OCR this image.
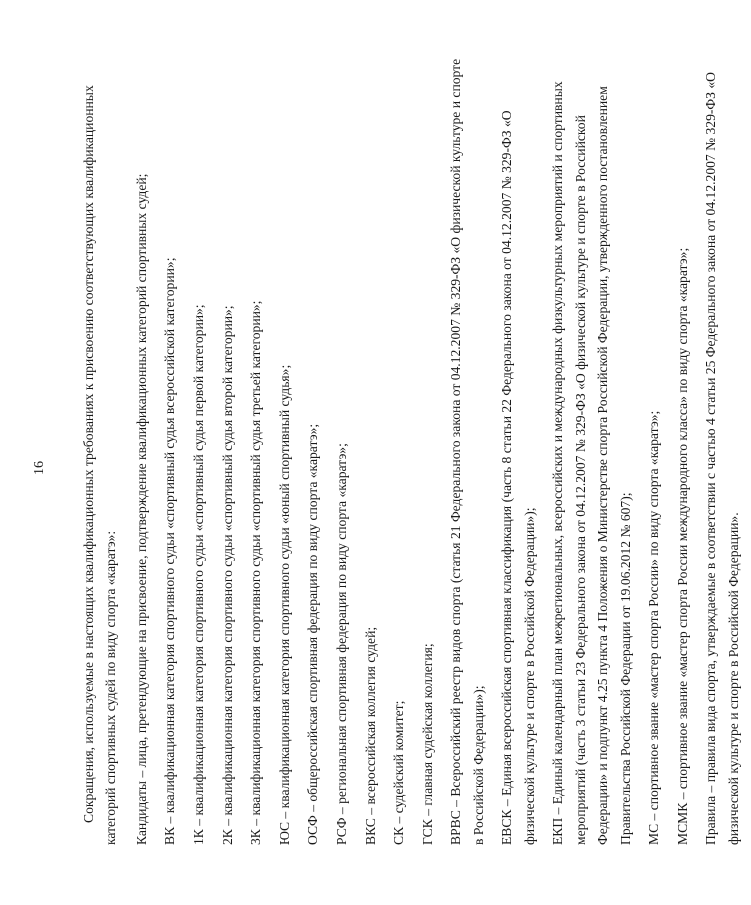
16	Сокращения, используемые в настоящих квалификационных требованиях к присвоению соответствующих квалификационных категорий спортивных судей по виду спорта «каратэ»:	Кандидаты – лица, претендующие на присвоение, подтверждение квалификационных категорий спортивных судей; ВК – квалификационная категория спортивного судьи «спортивный судья всероссийской категории»; 1К – квалификационная категория спортивного судьи «спортивный судья первой категории»; 2К – квалификационная категория спортивного судьи «спортивный судья второй категории»; 3К – квалификационная категория спортивного судьи «спортивный судья третьей категории»; ЮС – квалификационная категория спортивного судьи «юный спортивный судья»; ОСФ – общероссийская спортивная федерация по виду спорта «каратэ»; РСФ – региональная спортивная федерация по виду спорта «каратэ»; ВКС – всероссийская коллегия судей; СК – судейский комитет; ГСК – главная судейская коллегия; ВРВС – Всероссийский реестр видов спорта (статья 21 Федерального закона от 04.12.2007 № 329-ФЗ «О физической культуре и спорте в Российской Федерации»); ЕВСК – Единая всероссийская спортивная классификация (часть 8 статьи 22 Федерального закона от 04.12.2007 № 329-ФЗ «О физической культуре и спорте в Российской Федерации»); ЕКП – Единый календарный план межрегиональных, всероссийских и международных физкультурных мероприятий и спортивных мероприятий (часть 3 статьи 23 Федерального закона от 04.12.2007 № 329-ФЗ «О физической культуре и спорте в Российской Федерации» и подпункт 4.25 пункта 4 Положения о Министерстве спорта Российской Федерации, утвержденного постановлением Правительства Российской Федерации от 19.06.2012 № 607); МС – спортивное звание «мастер спорта России» по виду спорта «каратэ»; МСМК – спортивное звание «мастер спорта России международного класса» по виду спорта «каратэ»; Правила – правила вида спорта, утверждаемые в соответствии с частью 4 статьи 25 Федерального закона от 04.12.2007 № 329-ФЗ «О физической культуре и спорте в Российской Федерации».
